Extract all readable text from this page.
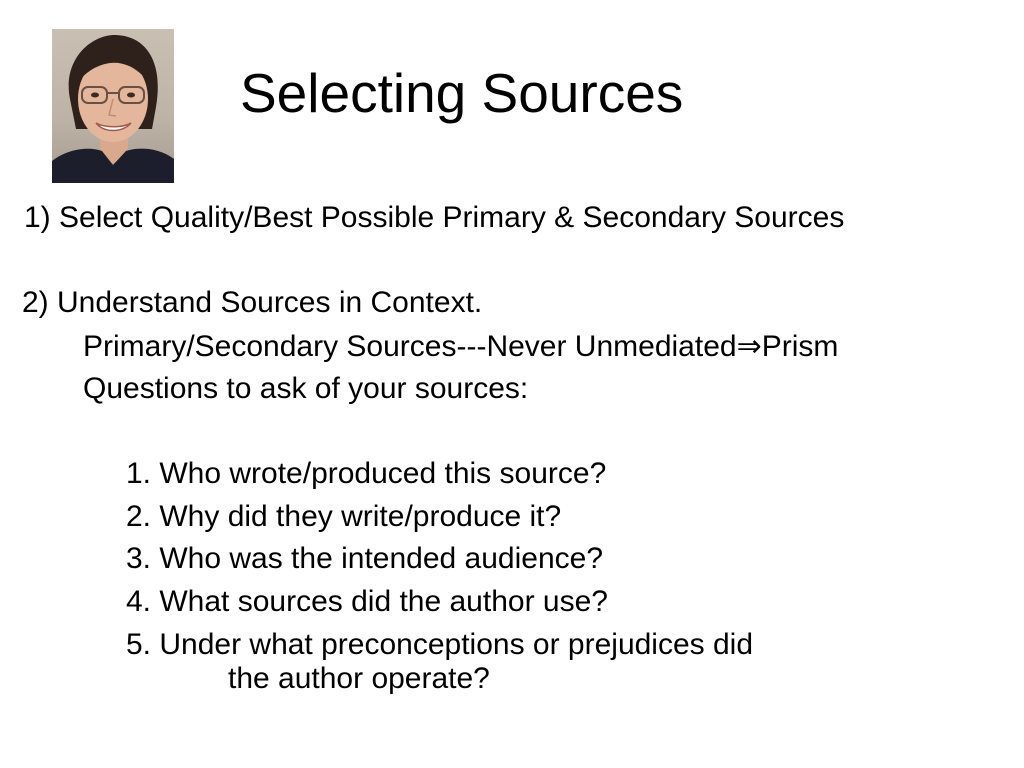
Selecting Sources
1) Select Quality/Best Possible Primary & Secondary Sources
2) Understand Sources in Context.
Primary/Secondary Sources---Never Unmediated⇒Prism
Questions to ask of your sources:
1. Who wrote/produced this source?
2. Why did they write/produce it?
3. Who was the intended audience?
4. What sources did the author use?
5. Under what preconceptions or prejudices did
the author operate?
